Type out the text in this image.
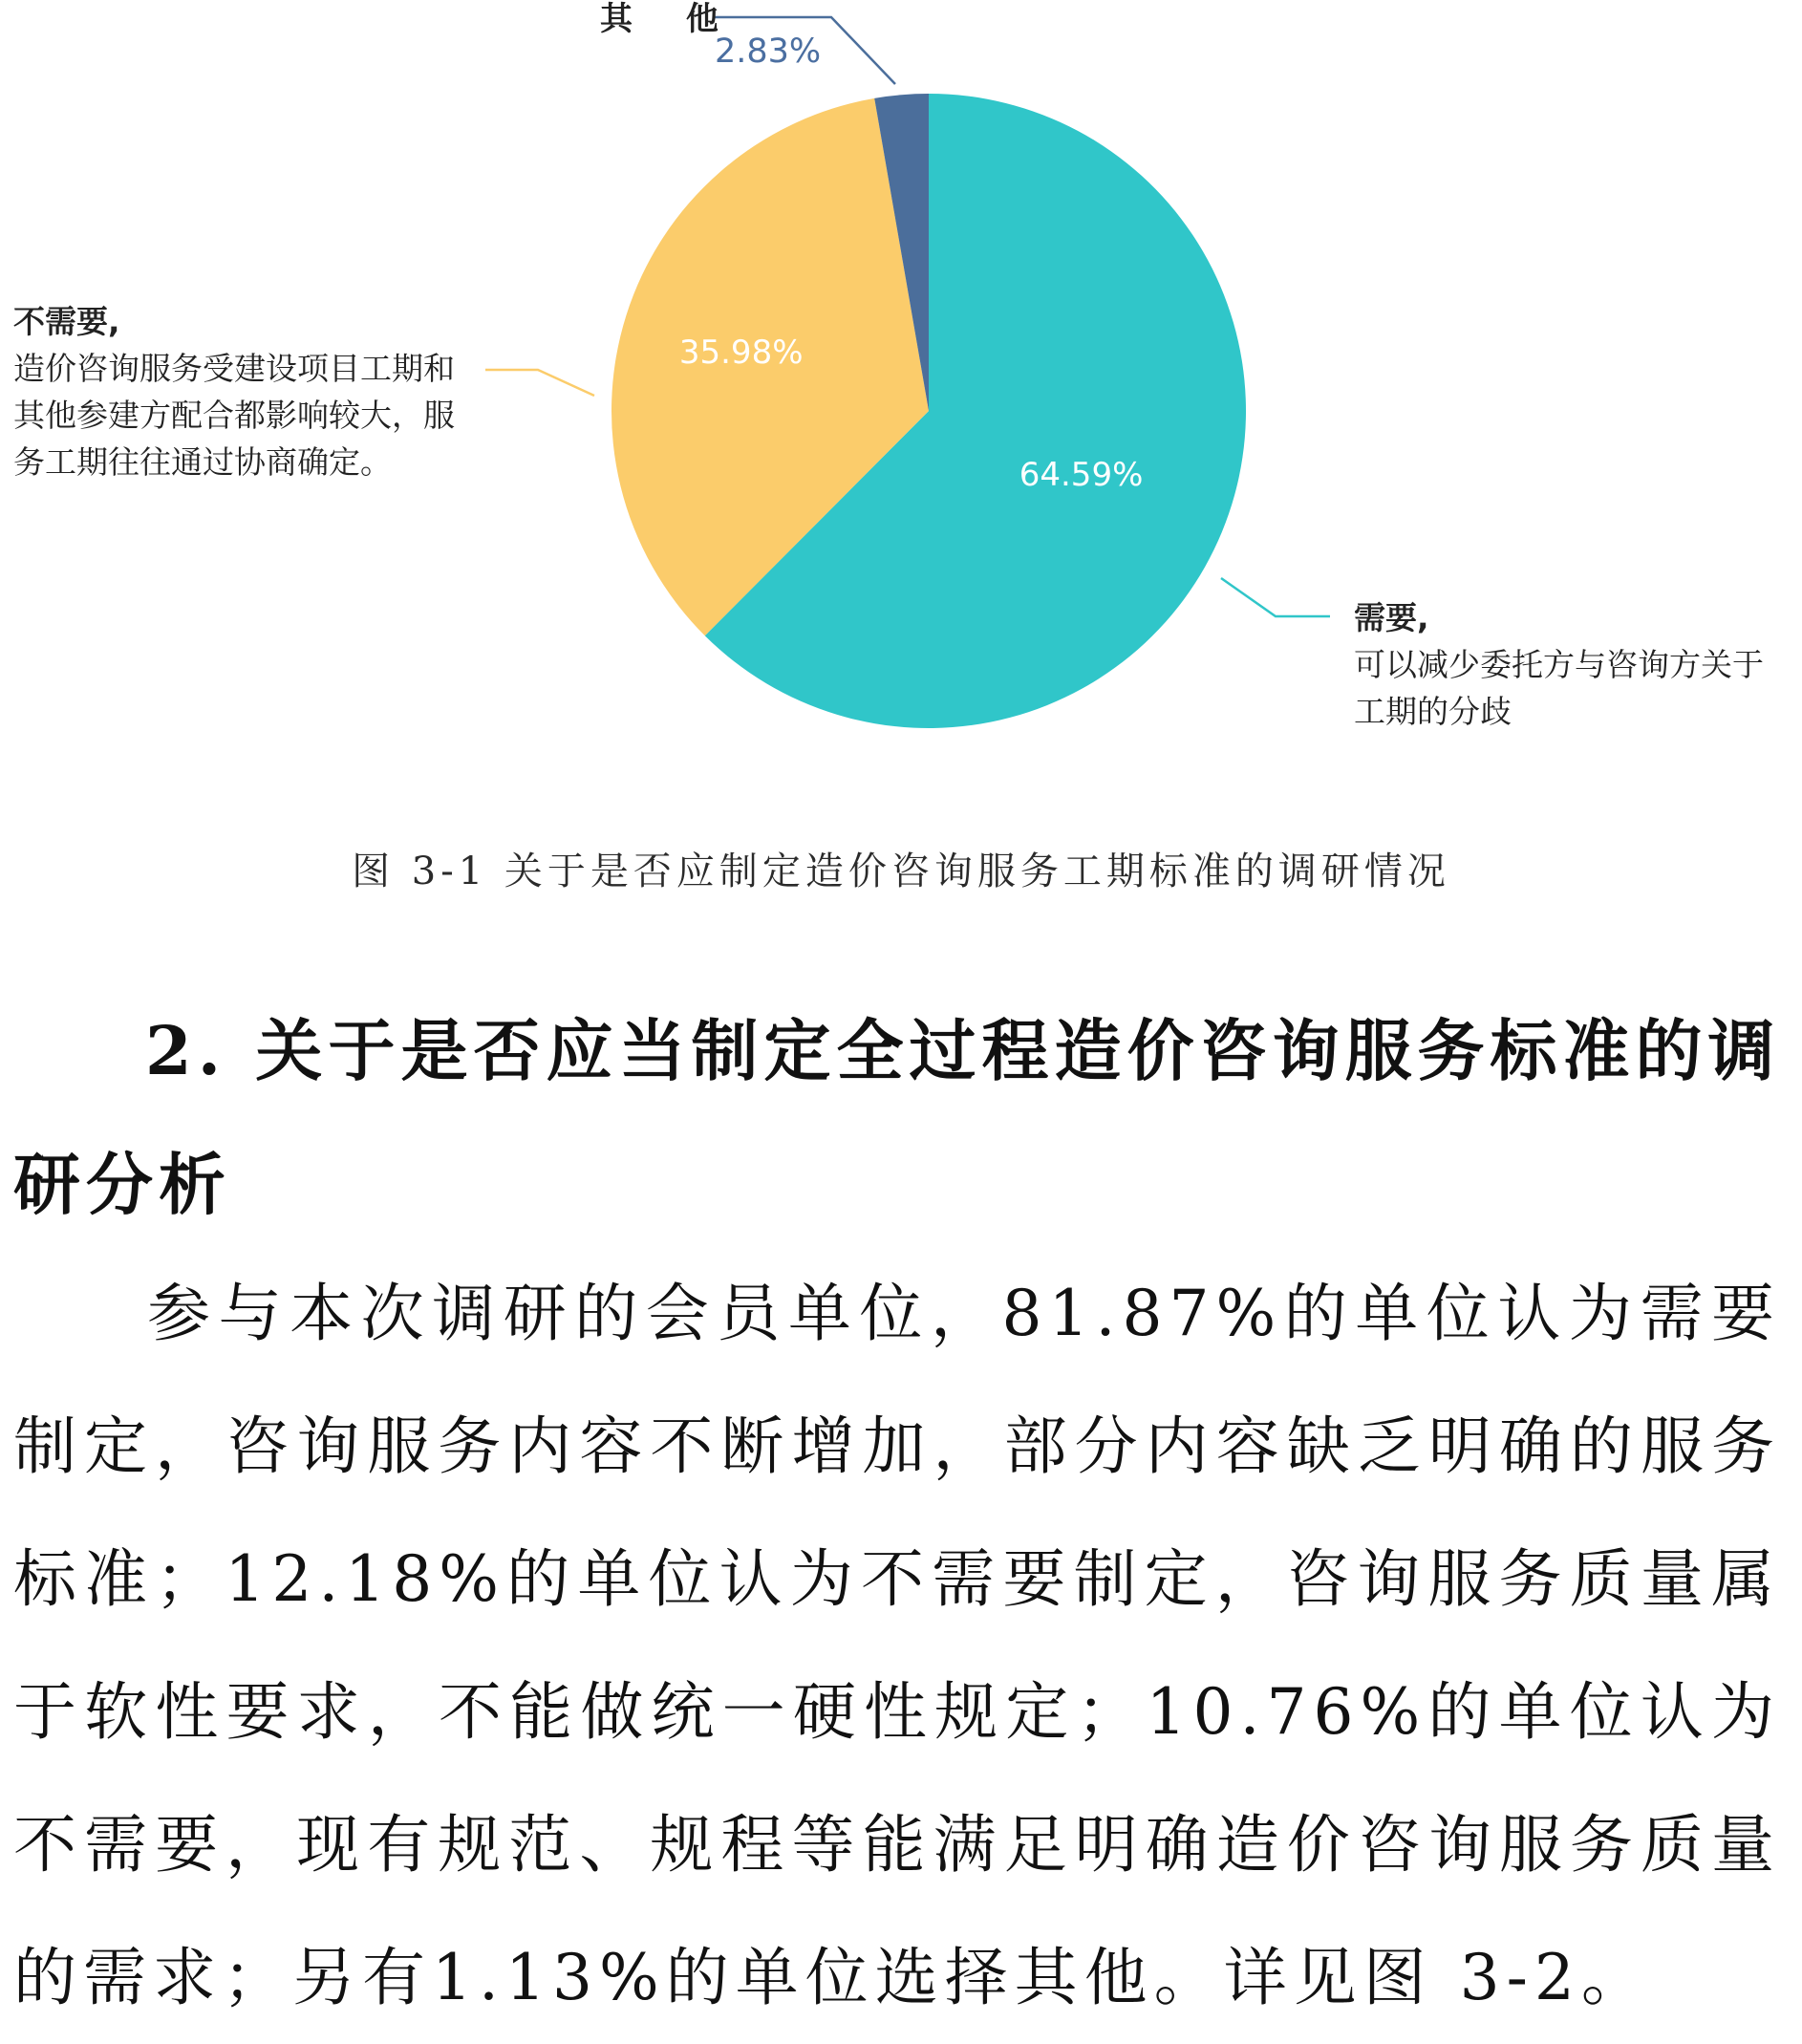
64.59%
35.98%
其 他
2.83%
不需要,
造价咨询服务受建设项目工期和
其他参建方配合都影响较大，服
务工期往往通过协商确定。
需要,
可以减少委托方与咨询方关于
工期的分歧
图 3-1 关于是否应制定造价咨询服务工期标准的调研情况
2. 关于是否应当制定全过程造价咨询服务标准的调研分析
参与本次调研的会员单位，81.87%的单位认为需要制定，咨询服务内容不断增加，部分内容缺乏明确的服务标准；12.18%的单位认为不需要制定，咨询服务质量属于软性要求，不能做统一硬性规定；10.76%的单位认为不需要，现有规范、规程等能满足明确造价咨询服务质量的需求；另有1.13%的单位选择其他。详见图 3-2。
